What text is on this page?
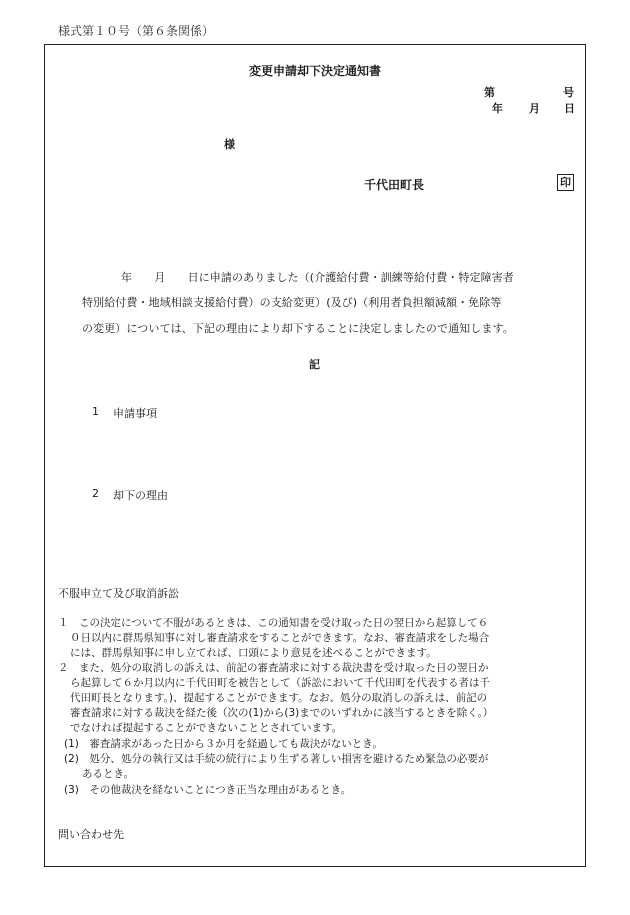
様式第１０号（第６条関係）
変更申請却下決定通知書
第	号
年 月 日
様
千代田町長	印
年　　月　　日に申請のありました（(介護給付費・訓練等給付費・特定障害者
特別給付費・地域相談支援給付費）の支給変更）(及び)（利用者負担額減額・免除等
の変更）については、下記の理由により却下することに決定しましたので通知します。
記
1 申請事項
2 却下の理由
不服申立て及び取消訴訟
１　この決定について不服があるときは、この通知書を受け取った日の翌日から起算して６
０日以内に群馬県知事に対し審査請求をすることができます。なお、審査請求をした場合
には、群馬県知事に申し立てれば、口頭により意見を述べることができます。
２　また、処分の取消しの訴えは、前記の審査請求に対する裁決書を受け取った日の翌日か
ら起算して６か月以内に千代田町を被告として（訴訟において千代田町を代表する者は千
代田町長となります。)、提起することができます。なお、処分の取消しの訴えは、前記の
審査請求に対する裁決を経た後（次の(1)から(3)までのいずれかに該当するときを除く。）
でなければ提起することができないこととされています。
(1)　審査請求があった日から３か月を経過しても裁決がないとき。
(2)　処分、処分の執行又は手続の続行により生ずる著しい損害を避けるため緊急の必要が
あるとき。
(3)　その他裁決を経ないことにつき正当な理由があるとき。
問い合わせ先
